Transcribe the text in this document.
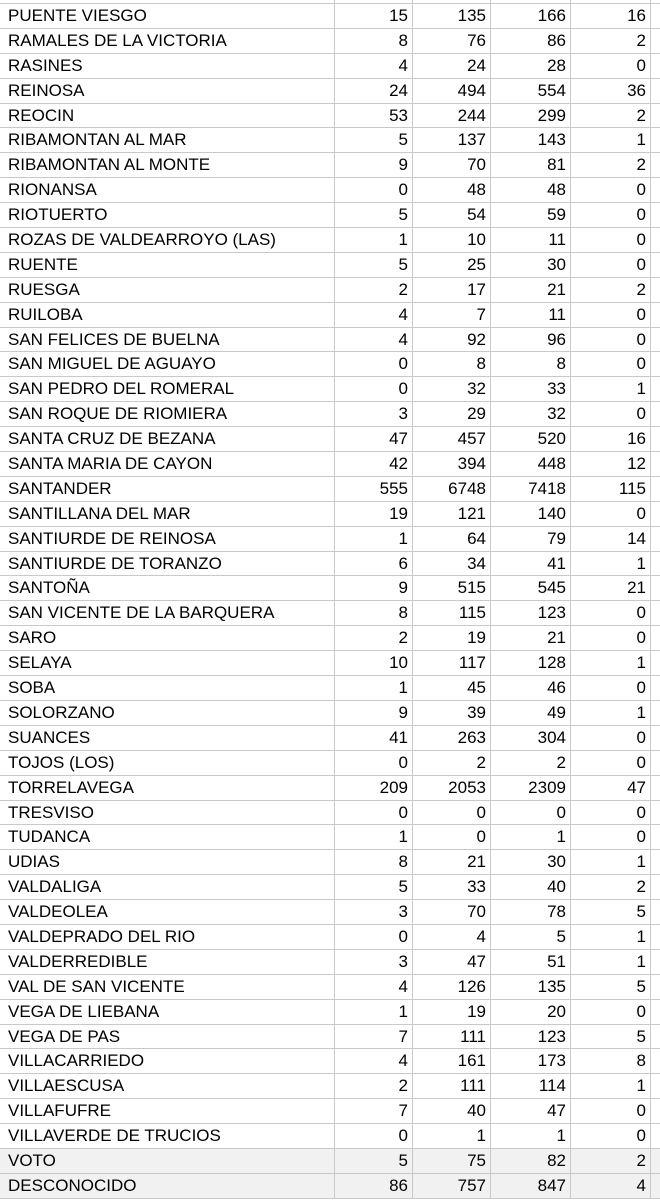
PUENTE VIESGO	15	135	166	16
RAMALES DE LA VICTORIA	8	76	86	2
RASINES	4	24	28	0
REINOSA	24	494	554	36
REOCIN	53	244	299	2
RIBAMONTAN AL MAR	5	137	143	1
RIBAMONTAN AL MONTE	9	70	81	2
RIONANSA	0	48	48	0
RIOTUERTO	5	54	59	0
ROZAS DE VALDEARROYO (LAS)	1	10	11	0
RUENTE	5	25	30	0
RUESGA	2	17	21	2
RUILOBA	4	7	11	0
SAN FELICES DE BUELNA	4	92	96	0
SAN MIGUEL DE AGUAYO	0	8	8	0
SAN PEDRO DEL ROMERAL	0	32	33	1
SAN ROQUE DE RIOMIERA	3	29	32	0
SANTA CRUZ DE BEZANA	47	457	520	16
SANTA MARIA DE CAYON	42	394	448	12
SANTANDER	555	6748	7418	115
SANTILLANA DEL MAR	19	121	140	0
SANTIURDE DE REINOSA	1	64	79	14
SANTIURDE DE TORANZO	6	34	41	1
SANTOÑA	9	515	545	21
SAN VICENTE DE LA BARQUERA	8	115	123	0
SARO	2	19	21	0
SELAYA	10	117	128	1
SOBA	1	45	46	0
SOLORZANO	9	39	49	1
SUANCES	41	263	304	0
TOJOS (LOS)	0	2	2	0
TORRELAVEGA	209	2053	2309	47
TRESVISO	0	0	0	0
TUDANCA	1	0	1	0
UDIAS	8	21	30	1
VALDALIGA	5	33	40	2
VALDEOLEA	3	70	78	5
VALDEPRADO DEL RIO	0	4	5	1
VALDERREDIBLE	3	47	51	1
VAL DE SAN VICENTE	4	126	135	5
VEGA DE LIEBANA	1	19	20	0
VEGA DE PAS	7	111	123	5
VILLACARRIEDO	4	161	173	8
VILLAESCUSA	2	111	114	1
VILLAFUFRE	7	40	47	0
VILLAVERDE DE TRUCIOS	0	1	1	0
VOTO	5	75	82	2
DESCONOCIDO	86	757	847	4
